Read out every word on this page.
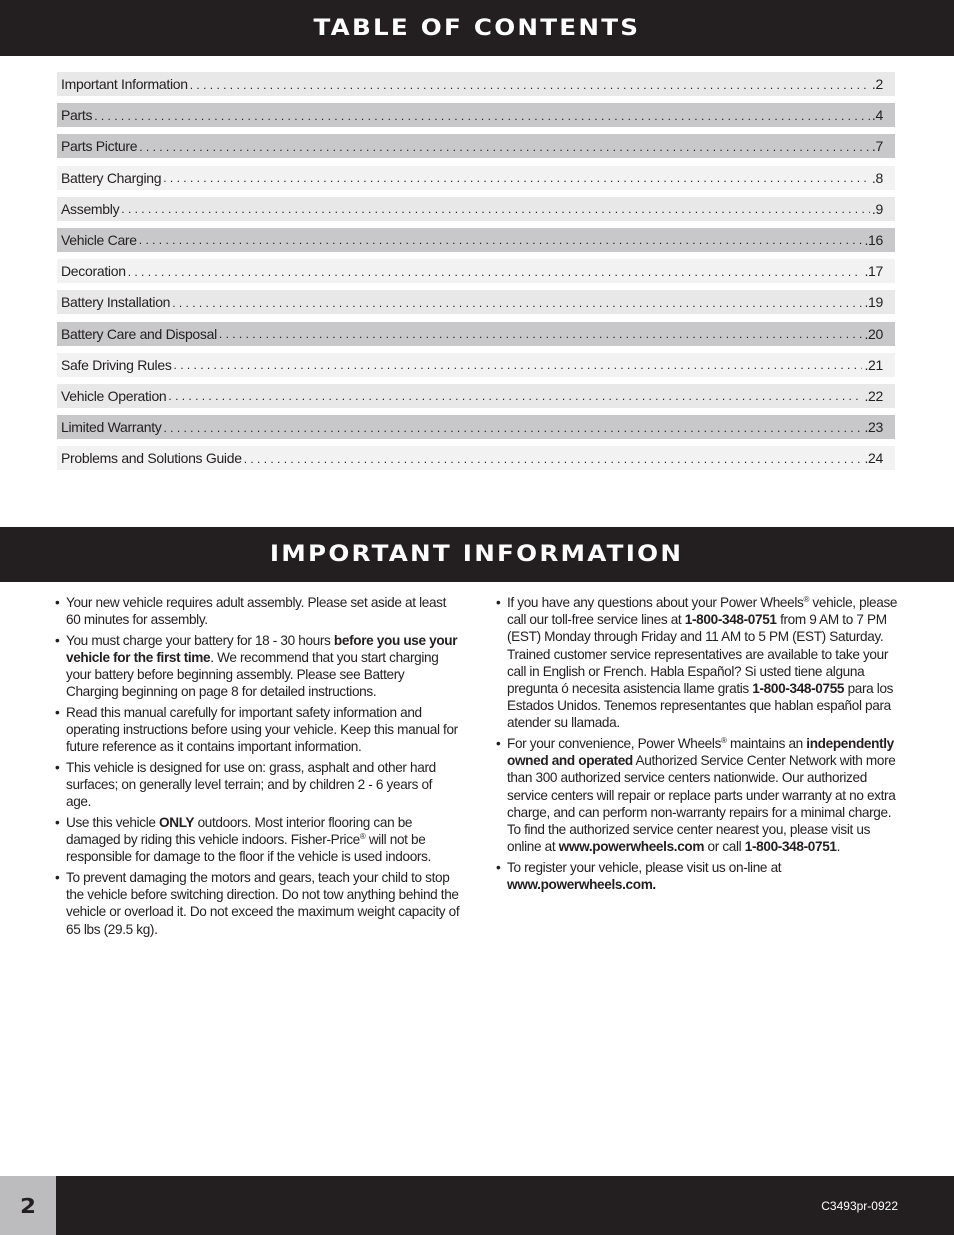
TABLE OF CONTENTS
Important Information . . .	.2
Parts . . .	.4
Parts Picture . . .	.7
Battery Charging . . .	.8
Assembly . . .	.9
Vehicle Care . . .	.16
Decoration . . .	.17
Battery Installation . . .	.19
Battery Care and Disposal . . .	.20
Safe Driving Rules . . .	.21
Vehicle Operation . . .	.22
Limited Warranty . . .	.23
Problems and Solutions Guide . . .	.24
IMPORTANT INFORMATION
• Your new vehicle requires adult assembly. Please set aside at least 60 minutes for assembly.
• You must charge your battery for 18 - 30 hours before you use your vehicle for the first time. We recommend that you start charging your battery before beginning assembly. Please see Battery Charging beginning on page 8 for detailed instructions.
• Read this manual carefully for important safety information and operating instructions before using your vehicle. Keep this manual for future reference as it contains important information.
• This vehicle is designed for use on: grass, asphalt and other hard surfaces; on generally level terrain; and by children 2 - 6 years of age.
• Use this vehicle ONLY outdoors. Most interior flooring can be damaged by riding this vehicle indoors. Fisher-Price® will not be responsible for damage to the floor if the vehicle is used indoors.
• To prevent damaging the motors and gears, teach your child to stop the vehicle before switching direction. Do not tow anything behind the vehicle or overload it. Do not exceed the maximum weight capacity of 65 lbs (29.5 kg).
• If you have any questions about your Power Wheels® vehicle, please call our toll-free service lines at 1-800-348-0751 from 9 AM to 7 PM (EST) Monday through Friday and 11 AM to 5 PM (EST) Saturday. Trained customer service representatives are available to take your call in English or French. Habla Español? Si usted tiene alguna pregunta ó necesita asistencia llame gratis 1-800-348-0755 para los Estados Unidos. Tenemos representantes que hablan español para atender su llamada.
• For your convenience, Power Wheels® maintains an independently owned and operated Authorized Service Center Network with more than 300 authorized service centers nationwide. Our authorized service centers will repair or replace parts under warranty at no extra charge, and can perform non-warranty repairs for a minimal charge. To find the authorized service center nearest you, please visit us online at www.powerwheels.com or call 1-800-348-0751.
• To register your vehicle, please visit us on-line at www.powerwheels.com.
2	C3493pr-0922
